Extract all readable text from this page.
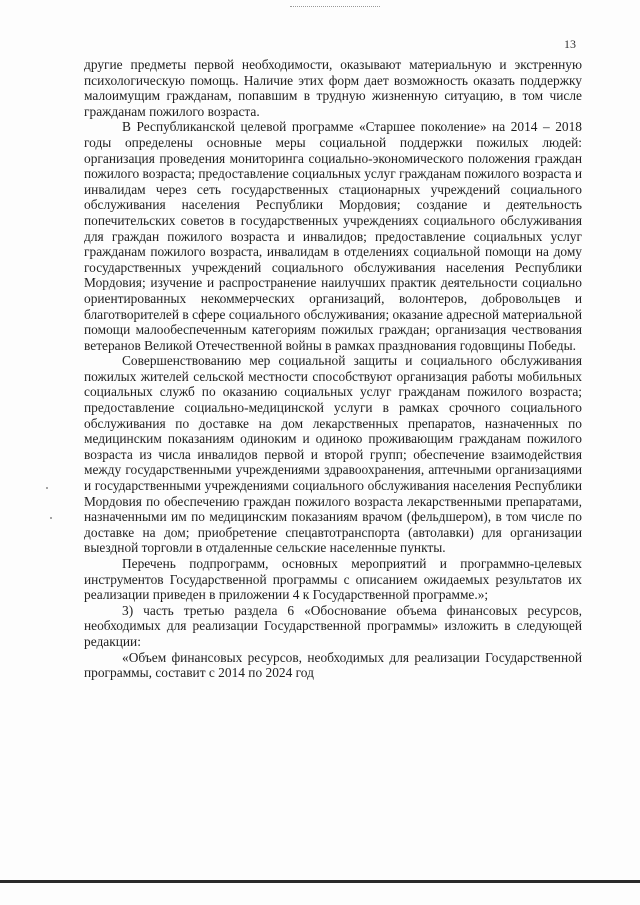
13

другие предметы первой необходимости, оказывают материальную и экстренную психологическую помощь. Наличие этих форм дает возможность оказать поддержку малоимущим гражданам, попавшим в трудную жизненную ситуацию, в том числе гражданам пожилого возраста.

В Республиканской целевой программе «Старшее поколение» на 2014 – 2018 годы определены основные меры социальной поддержки пожилых людей: организация проведения мониторинга социально-экономического положения граждан пожилого возраста; предоставление социальных услуг гражданам пожилого возраста и инвалидам через сеть государственных стационарных учреждений социального обслуживания населения Республики Мордовия; создание и деятельность попечительских советов в государственных учреждениях социального обслуживания для граждан пожилого возраста и инвалидов; предоставление социальных услуг гражданам пожилого возраста, инвалидам в отделениях социальной помощи на дому государственных учреждений социального обслуживания населения Республики Мордовия; изучение и распространение наилучших практик деятельности социально ориентированных некоммерческих организаций, волонтеров, добровольцев и благотворителей в сфере социального обслуживания; оказание адресной материальной помощи малообеспеченным категориям пожилых граждан; организация чествования ветеранов Великой Отечественной войны в рамках празднования годовщины Победы.

Совершенствованию мер социальной защиты и социального обслуживания пожилых жителей сельской местности способствуют организация работы мобильных социальных служб по оказанию социальных услуг гражданам пожилого возраста; предоставление социально-медицинской услуги в рамках срочного социального обслуживания по доставке на дом лекарственных препаратов, назначенных по медицинским показаниям одиноким и одиноко проживающим гражданам пожилого возраста из числа инвалидов первой и второй групп; обеспечение взаимодействия между государственными учреждениями здравоохранения, аптечными организациями и государственными учреждениями социального обслуживания населения Республики Мордовия по обеспечению граждан пожилого возраста лекарственными препаратами, назначенными им по медицинским показаниям врачом (фельдшером), в том числе по доставке на дом; приобретение спецавтотранспорта (автолавки) для организации выездной торговли в отдаленные сельские населенные пункты.

Перечень подпрограмм, основных мероприятий и программно-целевых инструментов Государственной программы с описанием ожидаемых результатов их реализации приведен в приложении 4 к Государственной программе.»;

3) часть третью раздела 6 «Обоснование объема финансовых ресурсов, необходимых для реализации Государственной программы» изложить в следующей редакции:

«Объем финансовых ресурсов, необходимых для реализации Государственной программы, составит с 2014 по 2024 год
